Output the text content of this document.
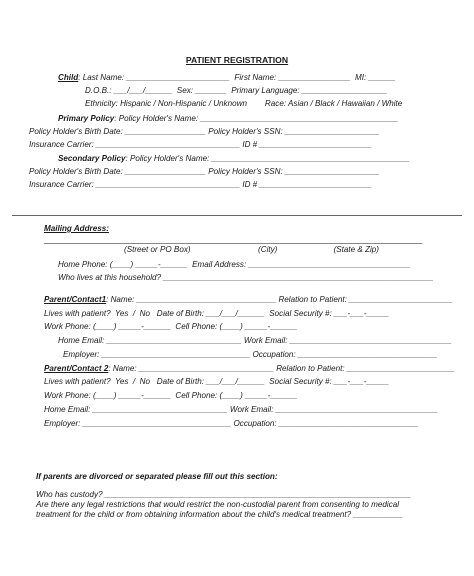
PATIENT REGISTRATION
Child: Last Name: _______________________  First Name: ________________  MI: ______
D.O.B.: ___/___/______  Sex: _______  Primary Language: ___________________
Ethnicity: Hispanic / Non-Hispanic / Unknown        Race: Asian / Black / Hawaiian / White
Primary Policy: Policy Holder's Name: ____________________________________________
Policy Holder's Birth Date: __________________ Policy Holder's SSN: _____________________
Insurance Carrier: ________________________________ ID # _________________________
Secondary Policy: Policy Holder's Name: ____________________________________________
Policy Holder's Birth Date: __________________ Policy Holder's SSN: _____________________
Insurance Carrier: ________________________________ ID # _________________________
Mailing Address:
____________________________________________________________________________________
(Street or PO Box)                              (City)                         (State & Zip)
Home Phone: (____) _____-______  Email Address: ____________________________________
Who lives at this household? ____________________________________________________________
Parent/Contact1: Name: _______________________________ Relation to Patient: _______________________
Lives with patient?  Yes  /  No   Date of Birth: ___/___/______  Social Security #: ___-___-_____
Work Phone: (____) _____-______  Cell Phone: (____) _____-______
Home Email: ______________________________ Work Email: ____________________________________
Employer: _________________________________ Occupation: _______________________________
Parent/Contact 2: Name: ______________________________ Relation to Patient: ________________________
Lives with patient?  Yes  /  No   Date of Birth: ___/___/______  Social Security #: ___-___-_____
Work Phone: (____) _____-______  Cell Phone: (____) _____-______
Home Email: ______________________________ Work Email: ____________________________________
Employer: _________________________________ Occupation: _______________________________
If parents are divorced or separated please fill out this section:
Who has custody? ____________________________________________________________________
Are there any legal restrictions that would restrict the non-custodial parent from consenting to medical
treatment for the child or from obtaining information about the child's medical treatment? ___________
